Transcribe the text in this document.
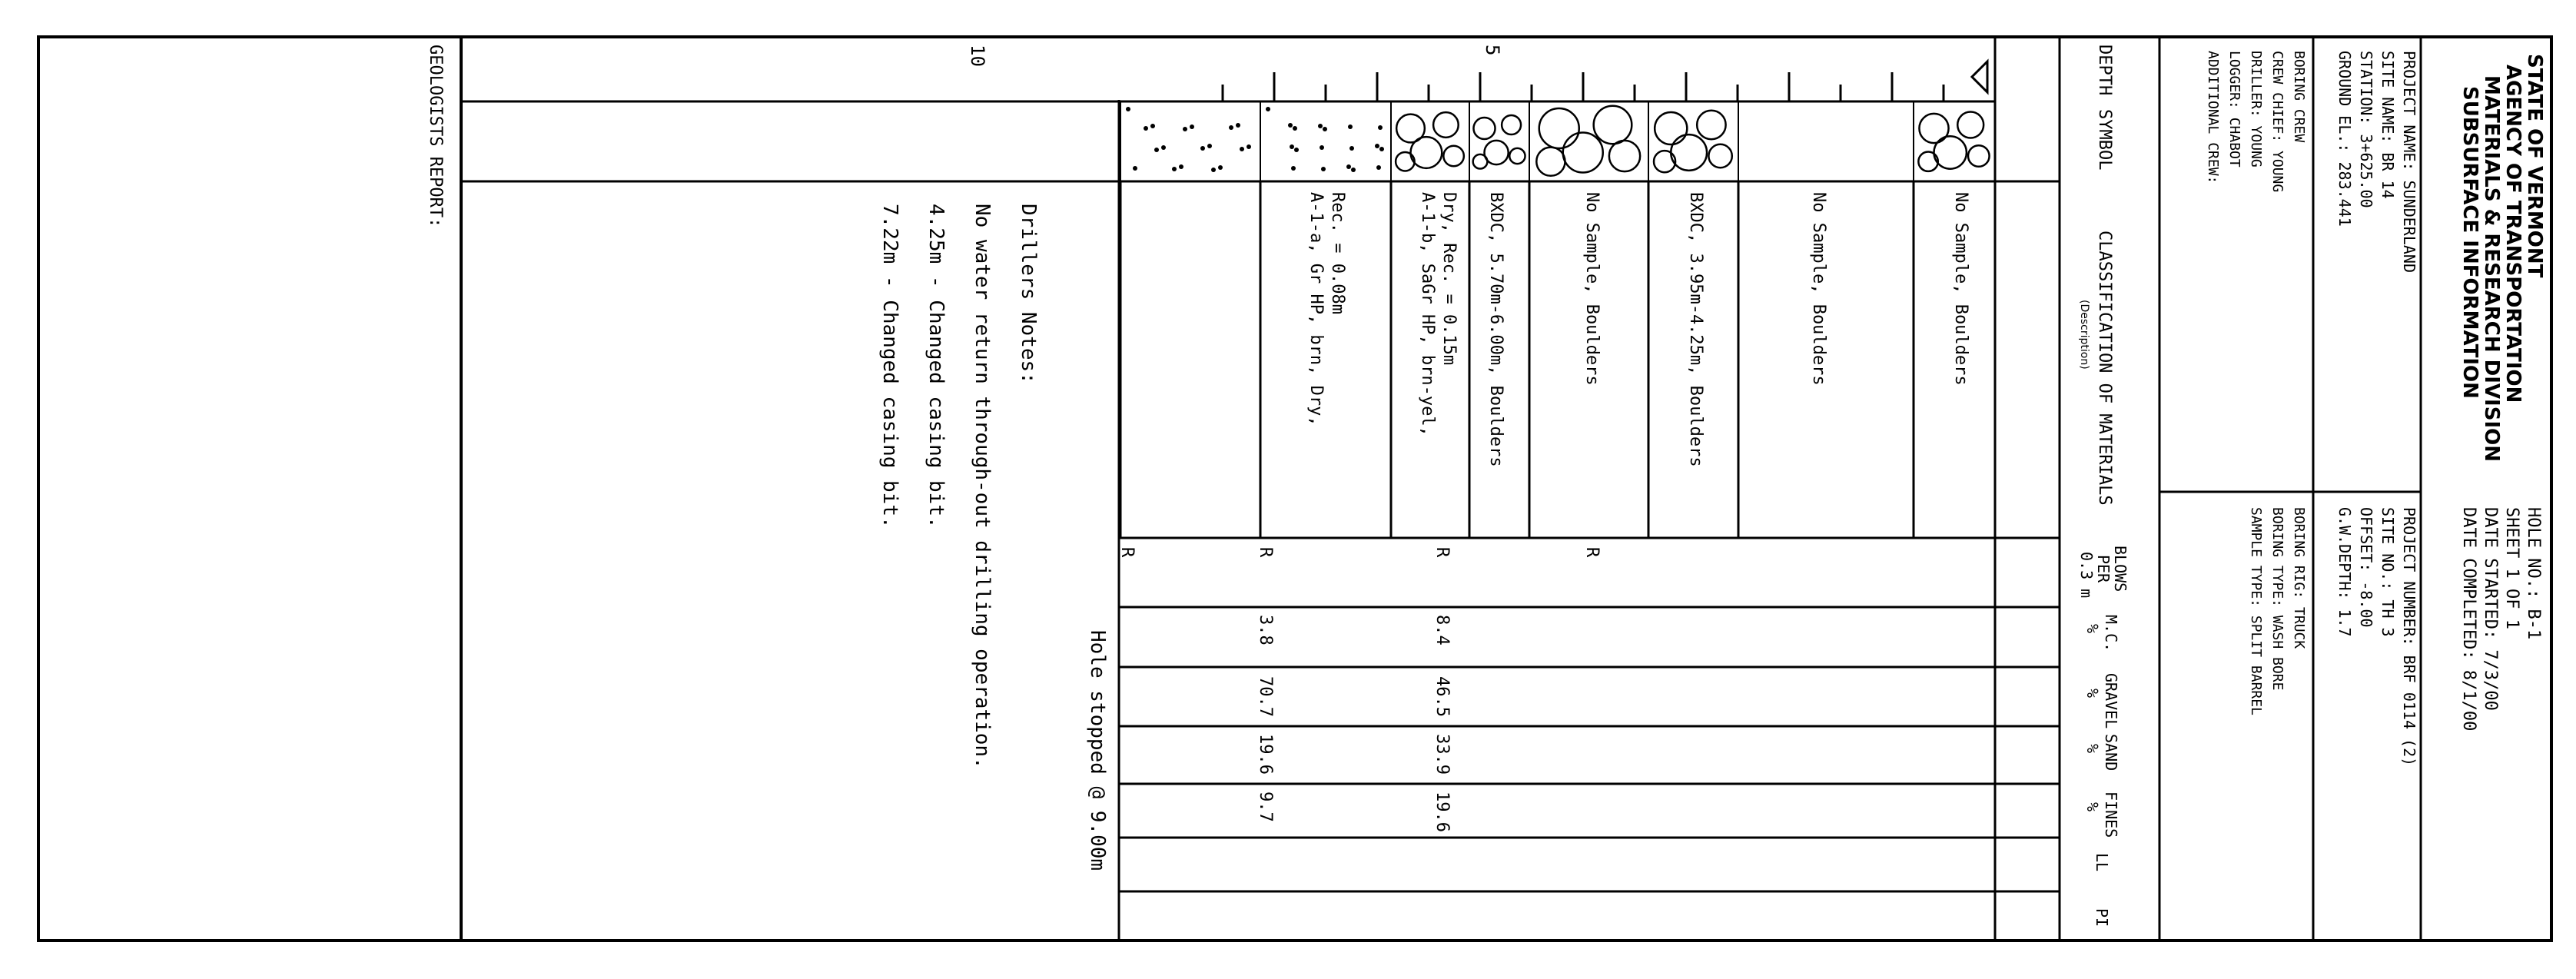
5
10	DEPTH
SYMBOL
CLASSIFICATION OF MATERIALS
(Description)
BLOWS
PER
0.3 m
M.C.
%
GRAVEL
%
SAND
%
FINES
%
LL
PI
STATE OF VERMONT
AGENCY OF TRANSPORTATION
MATERIALS & RESEARCH DIVISION
SUBSURFACE INFORMATION
HOLE NO.: B-1
SHEET 1 OF 1
DATE STARTED: 7/3/00
DATE COMPLETED: 8/1/00
PROJECT NAME: SUNDERLAND
SITE NAME: BR 14
STATION: 3+625.00
GROUND EL.: 283.441
PROJECT NUMBER: BRF 0114 (2)
SITE NO.: TH 3
OFFSET: -8.00
G.W.DEPTH: 1.7
BORING CREW
CREW CHIEF: YOUNG
DRILLER: YOUNG
LOGGER: CHABOT
ADDITIONAL CREW:
BORING RIG: TRUCK
BORING TYPE: WASH BORE
SAMPLE TYPE: SPLIT BARREL
No Sample, Boulders
No Sample, Boulders
BXDC, 3.95m-4.25m, Boulders
No Sample, Boulders
BXDC, 5.70m-6.00m, Boulders
A-1-b, SaGr HP, brn-yel, Dry, Rec. = 0.15m
A-1-a, Gr HP, brn, Dry, Rec. = 0.08m
R
8.4
46.5
33.9
19.6
R
3.8
70.7
19.6
9.7
R
R
Hole stopped @ 9.00m
Drillers Notes:
No water return through-out drilling operation.
4.25m - Changed casing bit.
7.22m - Changed casing bit.
GEOLOGISTS REPORT:
